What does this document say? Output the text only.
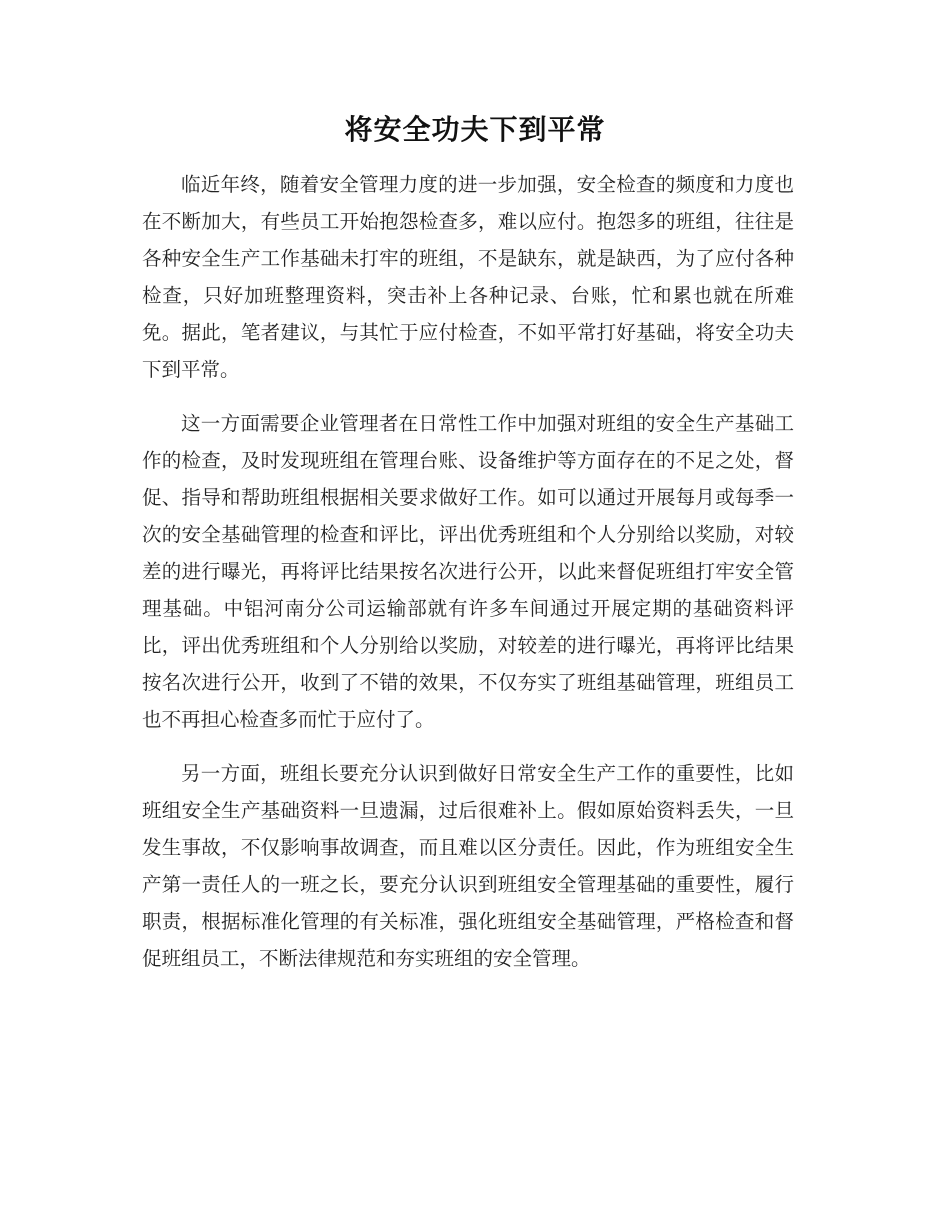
将安全功夫下到平常

临近年终，随着安全管理力度的进一步加强，安全检查的频度和力度也在不断加大，有些员工开始抱怨检查多，难以应付。抱怨多的班组，往往是各种安全生产工作基础未打牢的班组，不是缺东，就是缺西，为了应付各种检查，只好加班整理资料，突击补上各种记录、台账，忙和累也就在所难免。据此，笔者建议，与其忙于应付检查，不如平常打好基础，将安全功夫下到平常。

这一方面需要企业管理者在日常性工作中加强对班组的安全生产基础工作的检查，及时发现班组在管理台账、设备维护等方面存在的不足之处，督促、指导和帮助班组根据相关要求做好工作。如可以通过开展每月或每季一次的安全基础管理的检查和评比，评出优秀班组和个人分别给以奖励，对较差的进行曝光，再将评比结果按名次进行公开，以此来督促班组打牢安全管理基础。中铝河南分公司运输部就有许多车间通过开展定期的基础资料评比，评出优秀班组和个人分别给以奖励，对较差的进行曝光，再将评比结果按名次进行公开，收到了不错的效果，不仅夯实了班组基础管理，班组员工也不再担心检查多而忙于应付了。

另一方面，班组长要充分认识到做好日常安全生产工作的重要性，比如班组安全生产基础资料一旦遗漏，过后很难补上。假如原始资料丢失，一旦发生事故，不仅影响事故调查，而且难以区分责任。因此，作为班组安全生产第一责任人的一班之长，要充分认识到班组安全管理基础的重要性，履行职责，根据标准化管理的有关标准，强化班组安全基础管理，严格检查和督促班组员工，不断法律规范和夯实班组的安全管理。
